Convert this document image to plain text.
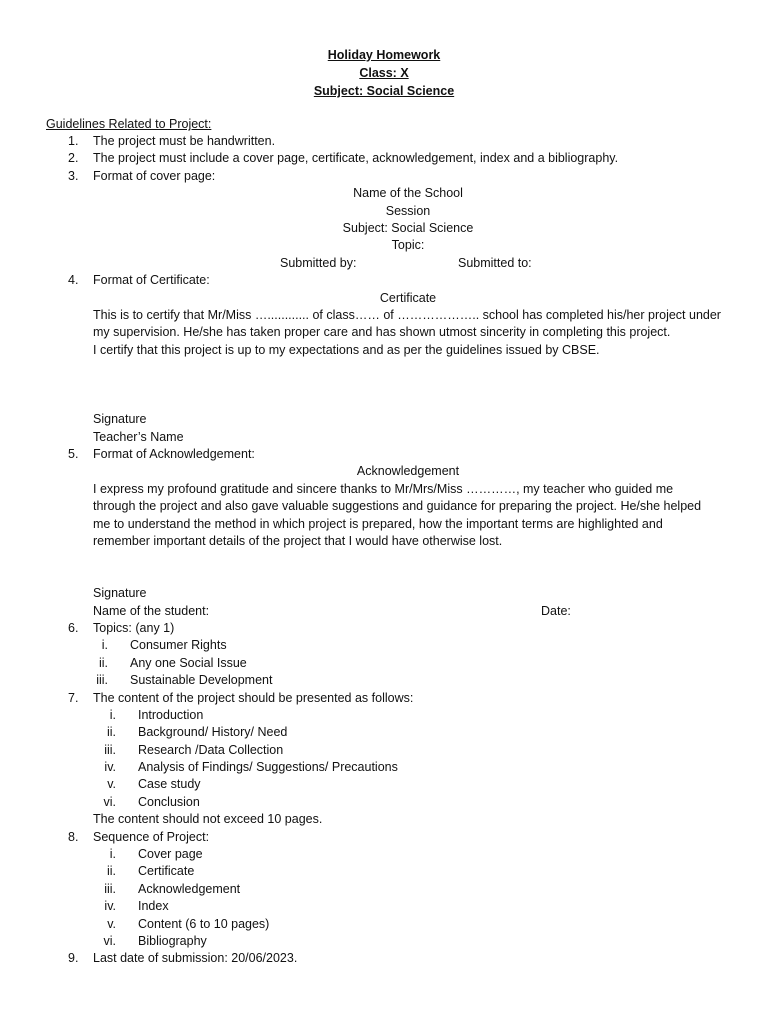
Holiday Homework
Class: X
Subject: Social Science
Guidelines Related to Project:
1. The project must be handwritten.
2. The project must include a cover page, certificate, acknowledgement, index and a bibliography.
3. Format of cover page:
Name of the School
Session
Subject: Social Science
Topic:
Submitted by:	Submitted to:
4. Format of Certificate:
Certificate
This is to certify that Mr/Miss …............ of class…… of ……………….. school has completed his/her project under
my supervision. He/she has taken proper care and has shown utmost sincerity in completing this project.
I certify that this project is up to my expectations and as per the guidelines issued by CBSE.
Signature
Teacher’s Name
5. Format of Acknowledgement:
Acknowledgement
I express my profound gratitude and sincere thanks to Mr/Mrs/Miss …………, my teacher who guided me
through the project and also gave valuable suggestions and guidance for preparing the project. He/she helped
me to understand the method in which project is prepared, how the important terms are highlighted and
remember important details of the project that I would have otherwise lost.
Signature
Name of the student:	Date:
6. Topics: (any 1)
i. Consumer Rights
ii. Any one Social Issue
iii. Sustainable Development
7. The content of the project should be presented as follows:
i. Introduction
ii. Background/ History/ Need
iii. Research /Data Collection
iv. Analysis of Findings/ Suggestions/ Precautions
v. Case study
vi. Conclusion
The content should not exceed 10 pages.
8. Sequence of Project:
i. Cover page
ii. Certificate
iii. Acknowledgement
iv. Index
v. Content (6 to 10 pages)
vi. Bibliography
9. Last date of submission: 20/06/2023.
